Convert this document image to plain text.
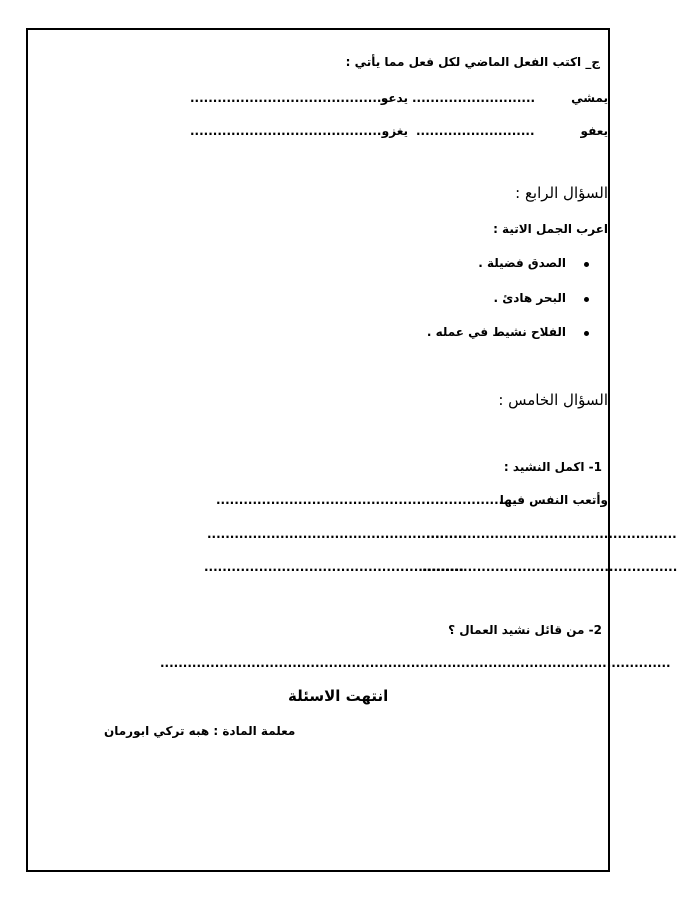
ج_ اكتب الفعل الماضي لكل فعل مما يأتي :
يمشي
...........................
يدعو
...........................................
يعفو
..........................
يغزو
...........................................
السؤال الرابع :
اعرب الجمل الاتية :
الصدق فضيلة .
البحر هادئ .
الفلاح نشيط في عمله .
السؤال الخامس :
1- اكمل النشيد :
وأتعب النفس فيها
..................................................................
.......................................................
.........................................................
........................................................
.........................................................
2- من قائل نشيد العمال ؟
................................................................................................................
انتهت الاسئلة
معلمة المادة : هبه تركي ابورمان
